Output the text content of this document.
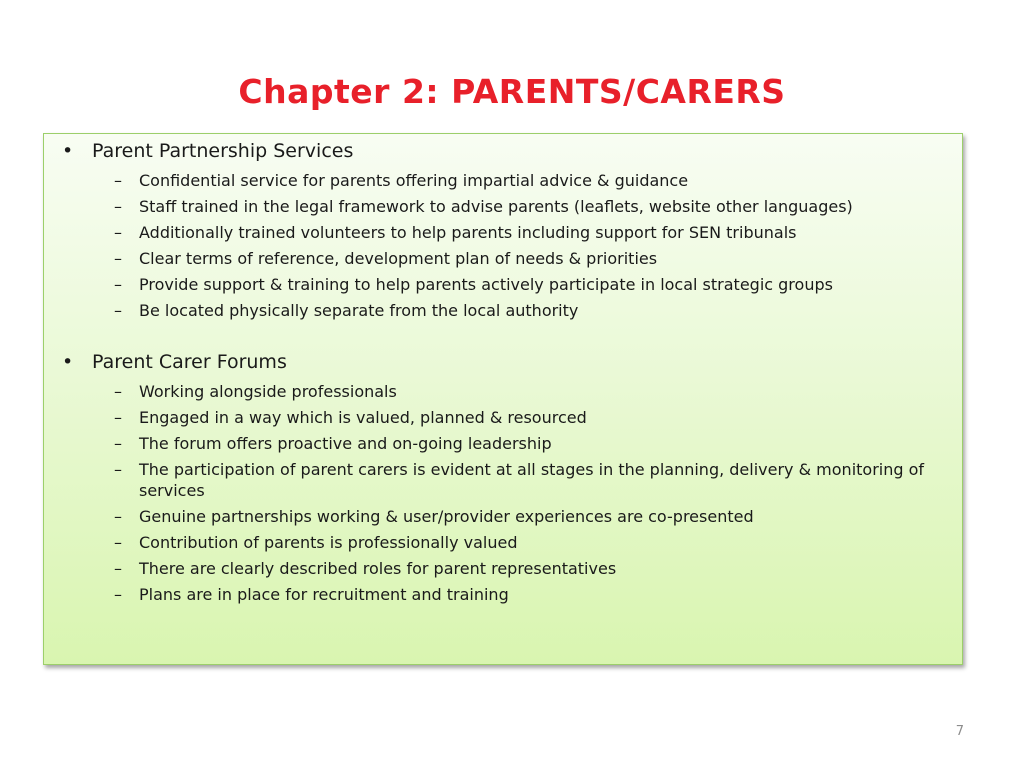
Chapter 2: PARENTS/CARERS
• Parent Partnership Services
–	Confidential service for parents offering impartial advice & guidance
–	Staff trained in the legal framework to advise parents (leaflets, website other languages)
–	Additionally trained volunteers to help parents including support for SEN tribunals
–	Clear terms of reference, development plan of needs & priorities
–	Provide support & training to help parents actively participate in local strategic groups
–	Be located physically separate from the local authority
• Parent Carer Forums
–	Working alongside professionals
–	Engaged in a way which is valued, planned & resourced
–	The forum offers proactive and on-going leadership
–	The participation of parent carers is evident at all stages in the planning, delivery & monitoring of services
–	Genuine partnerships working & user/provider experiences are co-presented
–	Contribution of parents is professionally valued
–	There are clearly described roles for parent representatives
–	Plans are in place for recruitment and training
7
